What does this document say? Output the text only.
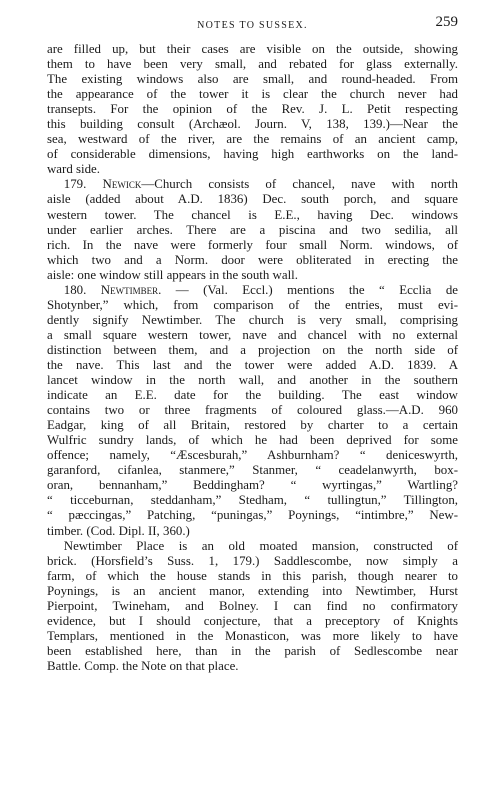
NOTES TO SUSSEX.	259
are filled up, but their cases are visible on the outside, showing
them to have been very small, and rebated for glass externally.
The existing windows also are small, and round-headed. From
the appearance of the tower it is clear the church never had
transepts. For the opinion of the Rev. J. L. Petit respecting
this building consult (Archæol. Journ. V, 138, 139.)—Near the
sea, westward of the river, are the remains of an ancient camp,
of considerable dimensions, having high earthworks on the land-
ward side.
179. Newick—Church consists of chancel, nave with north
aisle (added about A.D. 1836) Dec. south porch, and square
western tower. The chancel is E.E., having Dec. windows
under earlier arches. There are a piscina and two sedilia, all
rich. In the nave were formerly four small Norm. windows, of
which two and a Norm. door were obliterated in erecting the
aisle: one window still appears in the south wall.
180. Newtimber. — (Val. Eccl.) mentions the “ Ecclia de
Shotynber,” which, from comparison of the entries, must evi-
dently signify Newtimber. The church is very small, comprising
a small square western tower, nave and chancel with no external
distinction between them, and a projection on the north side of
the nave. This last and the tower were added A.D. 1839. A
lancet window in the north wall, and another in the southern
indicate an E.E. date for the building. The east window
contains two or three fragments of coloured glass.—A.D. 960
Eadgar, king of all Britain, restored by charter to a certain
Wulfric sundry lands, of which he had been deprived for some
offence; namely, “Æscesburah,” Ashburnham? “ deniceswyrth,
garanford, cifanlea, stanmere,” Stanmer, “ ceadelanwyrth, box-
oran, bennanham,” Beddingham? “ wyrtingas,” Wartling?
“ ticceburnan, steddanham,” Stedham, “ tullingtun,” Tillington,
“ pæccingas,” Patching, “puningas,” Poynings, “intimbre,” New-
timber. (Cod. Dipl. II, 360.)
Newtimber Place is an old moated mansion, constructed of
brick. (Horsfield’s Suss. 1, 179.) Saddlescombe, now simply a
farm, of which the house stands in this parish, though nearer to
Poynings, is an ancient manor, extending into Newtimber, Hurst
Pierpoint, Twineham, and Bolney. I can find no confirmatory
evidence, but I should conjecture, that a preceptory of Knights
Templars, mentioned in the Monasticon, was more likely to have
been established here, than in the parish of Sedlescombe near
Battle. Comp. the Note on that place.
